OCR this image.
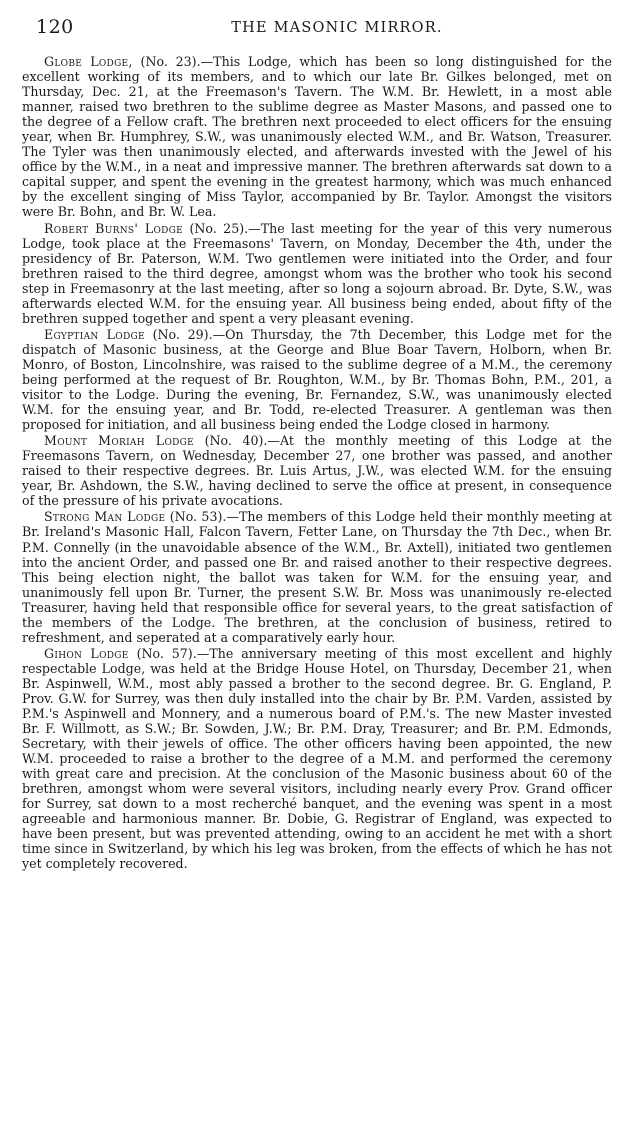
120	THE MASONIC MIRROR.

Globe Lodge, (No. 23).—This Lodge, which has been so long distinguished for the excellent working of its members, and to which our late Br. Gilkes belonged, met on Thursday, Dec. 21, at the Freemason's Tavern. The W.M. Br. Hewlett, in a most able manner, raised two brethren to the sublime degree as Master Masons, and passed one to the degree of a Fellow craft. The brethren next proceeded to elect officers for the ensuing year, when Br. Humphrey, S.W., was unanimously elected W.M., and Br. Watson, Treasurer. The Tyler was then unanimously elected, and afterwards invested with the Jewel of his office by the W.M., in a neat and impressive manner. The brethren afterwards sat down to a capital supper, and spent the evening in the greatest harmony, which was much enhanced by the excellent singing of Miss Taylor, accompanied by Br. Taylor. Amongst the visitors were Br. Bohn, and Br. W. Lea.

Robert Burns' Lodge (No. 25).—The last meeting for the year of this very numerous Lodge, took place at the Freemasons' Tavern, on Monday, December the 4th, under the presidency of Br. Paterson, W.M. Two gentlemen were initiated into the Order, and four brethren raised to the third degree, amongst whom was the brother who took his second step in Freemasonry at the last meeting, after so long a sojourn abroad. Br. Dyte, S.W., was afterwards elected W.M. for the ensuing year. All business being ended, about fifty of the brethren supped together and spent a very pleasant evening.

Egyptian Lodge (No. 29).—On Thursday, the 7th December, this Lodge met for the dispatch of Masonic business, at the George and Blue Boar Tavern, Holborn, when Br. Monro, of Boston, Lincolnshire, was raised to the sublime degree of a M.M., the ceremony being performed at the request of Br. Roughton, W.M., by Br. Thomas Bohn, P.M., 201, a visitor to the Lodge. During the evening, Br. Fernandez, S.W., was unanimously elected W.M. for the ensuing year, and Br. Todd, re-elected Treasurer. A gentleman was then proposed for initiation, and all business being ended the Lodge closed in harmony.

Mount Moriah Lodge (No. 40).—At the monthly meeting of this Lodge at the Freemasons Tavern, on Wednesday, December 27, one brother was passed, and another raised to their respective degrees. Br. Luis Artus, J.W., was elected W.M. for the ensuing year, Br. Ashdown, the S.W., having declined to serve the office at present, in consequence of the pressure of his private avocations.

Strong Man Lodge (No. 53).—The members of this Lodge held their monthly meeting at Br. Ireland's Masonic Hall, Falcon Tavern, Fetter Lane, on Thursday the 7th Dec., when Br. P.M. Connelly (in the unavoidable absence of the W.M., Br. Axtell), initiated two gentlemen into the ancient Order, and passed one Br. and raised another to their respective degrees. This being election night, the ballot was taken for W.M. for the ensuing year, and unanimously fell upon Br. Turner, the present S.W. Br. Moss was unanimously re-elected Treasurer, having held that responsible office for several years, to the great satisfaction of the members of the Lodge. The brethren, at the conclusion of business, retired to refreshment, and seperated at a comparatively early hour.

Gihon Lodge (No. 57).—The anniversary meeting of this most excellent and highly respectable Lodge, was held at the Bridge House Hotel, on Thursday, December 21, when Br. Aspinwell, W.M., most ably passed a brother to the second degree. Br. G. England, P. Prov. G.W. for Surrey, was then duly installed into the chair by Br. P.M. Varden, assisted by P.M.'s Aspinwell and Monnery, and a numerous board of P.M.'s. The new Master invested Br. F. Willmott, as S.W.; Br. Sowden, J.W.; Br. P.M. Dray, Treasurer; and Br. P.M. Edmonds, Secretary, with their jewels of office. The other officers having been appointed, the new W.M. proceeded to raise a brother to the degree of a M.M. and performed the ceremony with great care and precision. At the conclusion of the Masonic business about 60 of the brethren, amongst whom were several visitors, including nearly every Prov. Grand officer for Surrey, sat down to a most recherché banquet, and the evening was spent in a most agreeable and harmonious manner. Br. Dobie, G. Registrar of England, was expected to have been present, but was prevented attending, owing to an accident he met with a short time since in Switzerland, by which his leg was broken, from the effects of which he has not yet completely recovered.
